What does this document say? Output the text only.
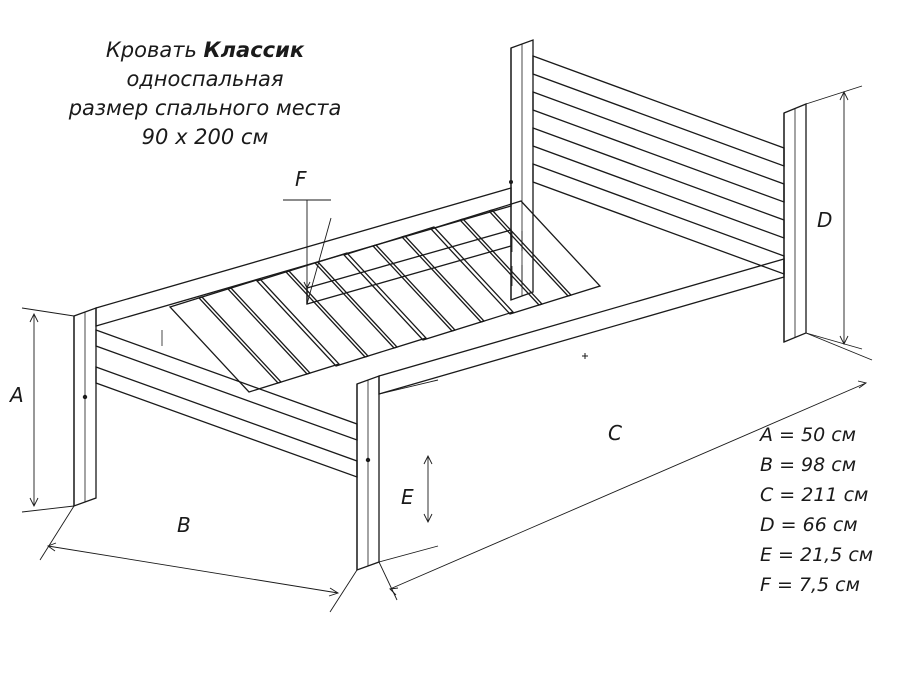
Кровать Классик
односпальная
размер спального места
90 x 200 см
A
B
C
D
E
F
A = 50 см
B = 98 см
C = 211 см
D = 66 см
E = 21,5 см
F = 7,5 см
